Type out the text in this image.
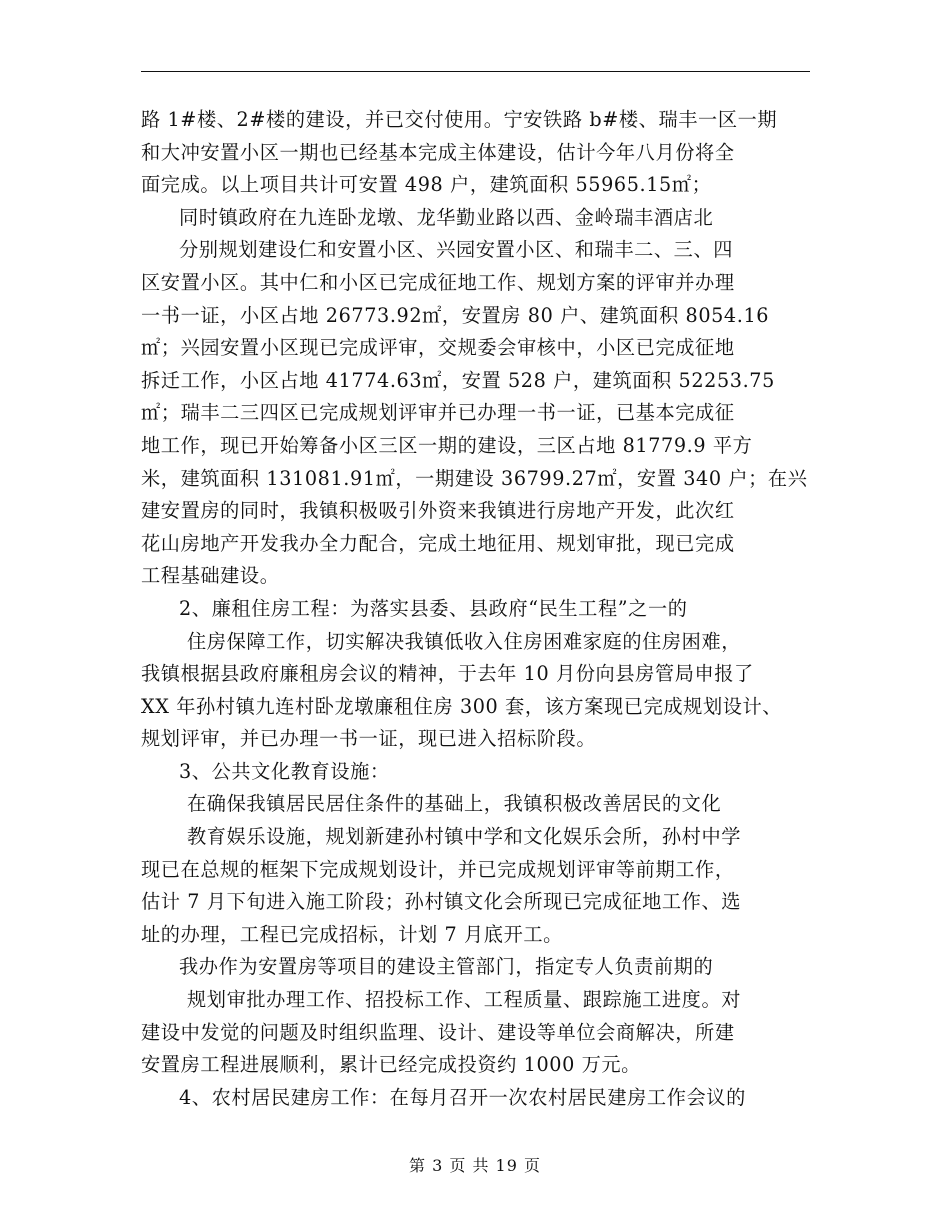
路 1#楼、2#楼的建设，并已交付使用。宁安铁路 b#楼、瑞丰一区一期
和大冲安置小区一期也已经基本完成主体建设，估计今年八月份将全
面完成。以上项目共计可安置 498 户，建筑面积 55965.15㎡；
同时镇政府在九连卧龙墩、龙华勤业路以西、金岭瑞丰酒店北
分别规划建设仁和安置小区、兴园安置小区、和瑞丰二、三、四
区安置小区。其中仁和小区已完成征地工作、规划方案的评审并办理
一书一证，小区占地 26773.92㎡，安置房 80 户、建筑面积 8054.16
㎡；兴园安置小区现已完成评审，交规委会审核中，小区已完成征地
拆迁工作，小区占地 41774.63㎡，安置 528 户，建筑面积 52253.75
㎡；瑞丰二三四区已完成规划评审并已办理一书一证，已基本完成征
地工作，现已开始筹备小区三区一期的建设，三区占地 81779.9 平方
米，建筑面积 131081.91㎡，一期建设 36799.27㎡，安置 340 户；在兴
建安置房的同时，我镇积极吸引外资来我镇进行房地产开发，此次红
花山房地产开发我办全力配合，完成土地征用、规划审批，现已完成
工程基础建设。
2、廉租住房工程：为落实县委、县政府“民生工程”之一的
住房保障工作，切实解决我镇低收入住房困难家庭的住房困难，
我镇根据县政府廉租房会议的精神，于去年 10 月份向县房管局申报了
XX 年孙村镇九连村卧龙墩廉租住房 300 套，该方案现已完成规划设计、
规划评审，并已办理一书一证，现已进入招标阶段。
3、公共文化教育设施：
在确保我镇居民居住条件的基础上，我镇积极改善居民的文化
教育娱乐设施，规划新建孙村镇中学和文化娱乐会所，孙村中学
现已在总规的框架下完成规划设计，并已完成规划评审等前期工作，
估计 7 月下旬进入施工阶段；孙村镇文化会所现已完成征地工作、选
址的办理，工程已完成招标，计划 7 月底开工。
我办作为安置房等项目的建设主管部门，指定专人负责前期的
规划审批办理工作、招投标工作、工程质量、跟踪施工进度。对
建设中发觉的问题及时组织监理、设计、建设等单位会商解决，所建
安置房工程进展顺利，累计已经完成投资约 1000 万元。
4、农村居民建房工作：在每月召开一次农村居民建房工作会议的
第 3 页 共 19 页
